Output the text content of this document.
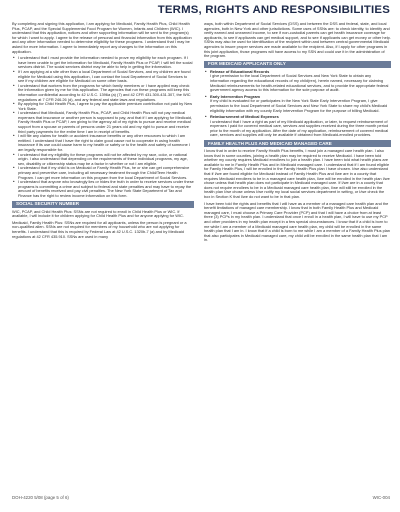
TERMS, RIGHTS AND RESPONSIBILITIES

By completing and signing this application, I am applying for Medicaid, Family Health Plus, Child Health Plus, PCAP, and the Special Supplemental Food Program for Women, Infants and Children (WIC). I understand that this application, notices and other supporting information will be sent to the program(s) for which I want to apply. I agree to the release of personal and financial information from this application and any other information needed to determine eligibility for these programs. I understand that I may be asked for more information. I agree to immediately report any changes to the information on this application.

• I understand that I must provide the information needed to prove my eligibility for each program. If I have been unable to get the information for Medicaid, Family Health Plus or PCAP, I will tell the social services district. The social services district may be able to help in getting the information.
• If I am applying at a site other than a local Department of Social Services, and my children are found eligible for Medicaid using this application, I can contact the local Department of Social Services to see if my children are eligible for Medicaid on some other basis.
• I understand that workers from the programs for which family members or I have applied may check the information given by me for this application. The agencies that run these programs will keep this information confidential according to 42 U.S.C. 1396a (a) (7) and 42 CFR 431.300-431.307, the WIC regulations at 7 CFR 246.26 (d), and any federal and state laws and regulations.
• By applying for Child Health Plus, I agree to pay the applicable premium contribution not paid by New York State.
• I understand that Medicaid, Family Health Plus, PCAP, and Child Health Plus will not pay medical expenses that insurance or another person is supposed to pay, and that if I am applying for Medicaid, Family Health Plus or PCAP, I am giving to the agency all of my rights to pursue and receive medical support from a spouse or parents of persons under 21 years old and my right to pursue and receive third party payments for the entire time I am in receipt of benefits.
• I will file any claims for health or accident insurance benefits or any other resources to which I am entitled. I understand that I have the right to claim good cause not to cooperate in using health insurance if its use could cause harm to my health or safety or to the health and safety of someone I am legally responsible for.
• I understand that my eligibility for these programs will not be affected by my race, color, or national origin. I also understand that depending on the requirements of these individual programs, my age, sex, disability or citizenship status may be a factor in whether or not I am eligible.
• I understand that if my child is on Medicaid or Family Health Plus, he or she can get comprehensive primary and preventive care, including all necessary treatment through the Child/Teen Health Program. I can get more information on this program from the local Department of Social Services.
• I understand that anyone who knowingly lies or hides the truth in order to receive services under these programs is committing a crime and subject to federal and state penalties and may have to repay the amount of benefits received and pay civil penalties. The New York State Department of Tax and Finance has the right to review income information on this form.
SOCIAL SECURITY NUMBER

WIC, PCAP, and Child Health Plus: SSNs are not required to enroll in Child Health Plus or WIC. If available, I will include it for children applying for Child Health Plus and for anyone applying for WIC.

Medicaid, Family Health Plus: SSNs are required for all applicants, unless the person is pregnant or a non-qualified alien. SSNs are not required for members of my household who are not applying for benefits. I understand that this is required by Federal Law at 42 U.S.C. 1320b-7 (a) and by Medicaid regulations at 42 CFR 435.910. SSNs are used in many

ways, both within Department of Social Services (DSS) and between the DSS and federal, state, and local agencies, both in New York and other jurisdictions. Some uses of SSNs are: to check identity, to identify and verify earned and unearned income, to see if non-custodial parents can get health insurance coverage for applicants, to see if applicants can get medical support, and to see if applicants can get money or other help. SSNs may also be used for identification of the recipient within and between central governmental Medicaid agencies to insure proper services are made available to the recipient. Also, if I apply for other programs in this joint application, those programs will have access to my SSN and could use it in the administration of the program.

FOR MEDICAID APPLICANTS ONLY
• Release of Educational Records
I give permission to the local Department of Social Services and New York State to obtain any information regarding the educational records of my child(ren), herein named, necessary for claiming Medicaid reimbursements for health-related educational services, and to provide the appropriate federal government agency access to this information for the sole purpose of audit.
• Early Intervention Program
If my child is evaluated for or participates in the New York State Early Intervention Program, I give permission to the local Department of Social Services and New York State to share my child's Medicaid eligibility information with my county Early Intervention Program for the purpose of billing Medicaid.
• Reimbursement of Medical Expenses
I understand that I have a right as part of my Medicaid application, or later, to request reimbursement of expenses I paid for covered medical care, services and supplies received during the three month period prior to the month of my application. After the date of my application, reimbursement of covered medical care, services and supplies will only be available if obtained from Medicaid-enrolled providers.
FAMILY HEALTH PLUS AND MEDICAID MANAGED CARE

I know that in order to receive Family Health Plus benefits, I must join a managed care health plan. I also know that in some counties, joining a health plan may be required to receive Medicaid. I have been told whether my county requires Medicaid enrollees to join a health plan. I have been told what health plans are available to me in Family Health Plus and in Medicaid managed care. I understand that if I am found eligible for Family Health Plus, I will be enrolled in the Family Health Plus plan I have chosen. I/we also understand that if I/we are found eligible for Medicaid instead of Family Health Plus and I/we are in a county that requires Medicaid enrollees to be in a managed care health plan, I/we will be enrolled in the health plan I/we chose unless that health plan does not participate in Medicaid managed care. If I/we are in a county that does not require enrollees to be in a Medicaid managed care health plan, I/we will still be enrolled in the health plan I/we chose unless I/we notify my local social services department in writing, or I/we check the box in Section K that I/we do not want to be in that plan.

I have been told the rights and benefits that I will have as a member of a managed care health plan and the benefit limitations of managed care membership. I know that in both Family Health Plus and Medicaid managed care, I must choose a Primary Care Provider (PCP) and that I will have a choice from at least three (3) PCPs in my health plan. I understand that once I enroll in a health plan, I will have to use my PCP and other providers in my health plan except in a few special circumstances. I know that if a child is born to me while I am a member of a Medicaid managed care health plan, my child will be enrolled in the same health plan that I am in. I know that if a child is born to me while I am a member of a Family Health Plus plan that also participates in Medicaid managed care, my child will be enrolled in the same health plan that I am in.

DOH-4220 5/08 (page 5 of 6)	WIC-004
